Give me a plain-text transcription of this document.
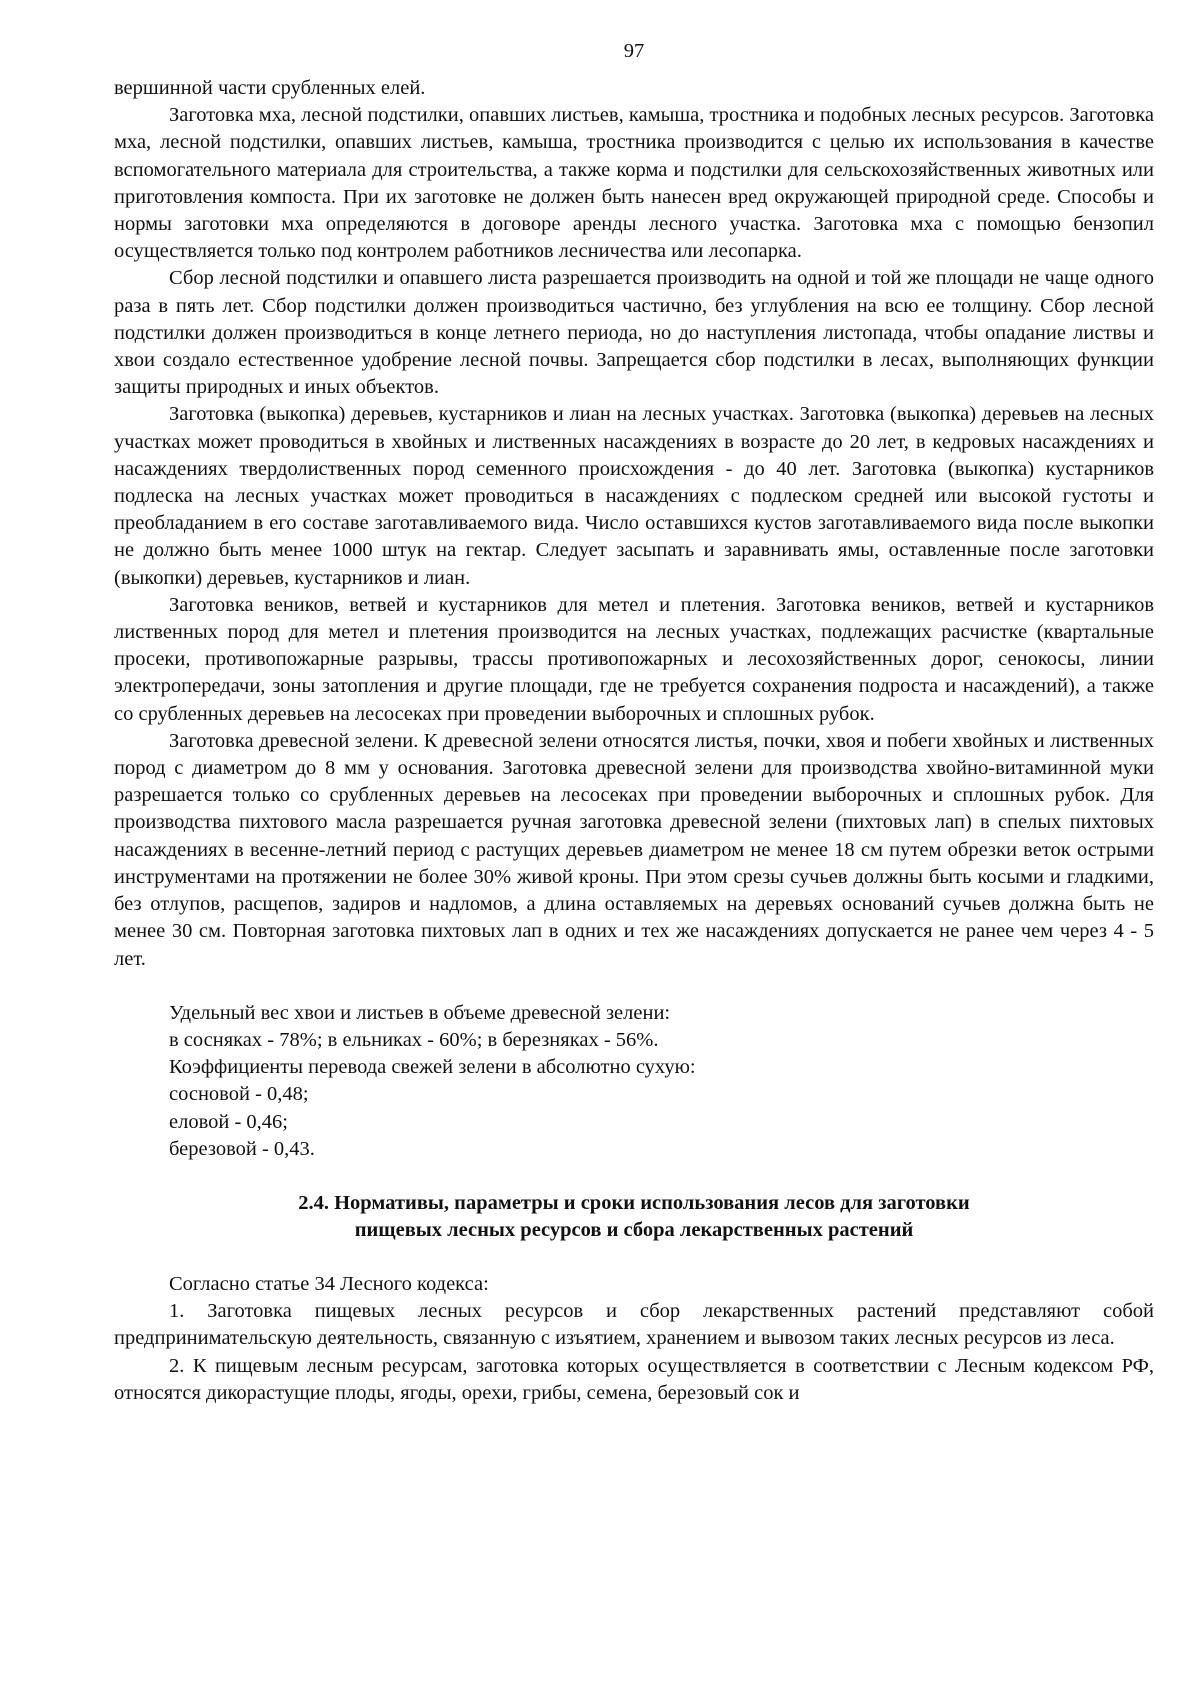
97

вершинной части срубленных елей.

Заготовка мха, лесной подстилки, опавших листьев, камыша, тростника и подобных лесных ресурсов. Заготовка мха, лесной подстилки, опавших листьев, камыша, тростника производится с целью их использования в качестве вспомогательного материала для строительства, а также корма и подстилки для сельскохозяйственных животных или приготовления компоста. При их заготовке не должен быть нанесен вред окружающей природной среде. Способы и нормы заготовки мха определяются в договоре аренды лесного участка. Заготовка мха с помощью бензопил осуществляется только под контролем работников лесничества или лесопарка.

Сбор лесной подстилки и опавшего листа разрешается производить на одной и той же площади не чаще одного раза в пять лет. Сбор подстилки должен производиться частично, без углубления на всю ее толщину. Сбор лесной подстилки должен производиться в конце летнего периода, но до наступления листопада, чтобы опадание листвы и хвои создало естественное удобрение лесной почвы. Запрещается сбор подстилки в лесах, выполняющих функции защиты природных и иных объектов.

Заготовка (выкопка) деревьев, кустарников и лиан на лесных участках. Заготовка (выкопка) деревьев на лесных участках может проводиться в хвойных и лиственных насаждениях в возрасте до 20 лет, в кедровых насаждениях и насаждениях твердолиственных пород семенного происхождения - до 40 лет. Заготовка (выкопка) кустарников подлеска на лесных участках может проводиться в насаждениях с подлеском средней или высокой густоты и преобладанием в его составе заготавливаемого вида. Число оставшихся кустов заготавливаемого вида после выкопки не должно быть менее 1000 штук на гектар. Следует засыпать и заравнивать ямы, оставленные после заготовки (выкопки) деревьев, кустарников и лиан.

Заготовка веников, ветвей и кустарников для метел и плетения. Заготовка веников, ветвей и кустарников лиственных пород для метел и плетения производится на лесных участках, подлежащих расчистке (квартальные просеки, противопожарные разрывы, трассы противопожарных и лесохозяйственных дорог, сенокосы, линии электропередачи, зоны затопления и другие площади, где не требуется сохранения подроста и насаждений), а также со срубленных деревьев на лесосеках при проведении выборочных и сплошных рубок.

Заготовка древесной зелени. К древесной зелени относятся листья, почки, хвоя и побеги хвойных и лиственных пород с диаметром до 8 мм у основания. Заготовка древесной зелени для производства хвойно-витаминной муки разрешается только со срубленных деревьев на лесосеках при проведении выборочных и сплошных рубок. Для производства пихтового масла разрешается ручная заготовка древесной зелени (пихтовых лап) в спелых пихтовых насаждениях в весенне-летний период с растущих деревьев диаметром не менее 18 см путем обрезки веток острыми инструментами на протяжении не более 30% живой кроны. При этом срезы сучьев должны быть косыми и гладкими, без отлупов, расщепов, задиров и надломов, а длина оставляемых на деревьях оснований сучьев должна быть не менее 30 см. Повторная заготовка пихтовых лап в одних и тех же насаждениях допускается не ранее чем через 4 - 5 лет.

Удельный вес хвои и листьев в объеме древесной зелени:

в сосняках - 78%; в ельниках - 60%; в березняках - 56%.

Коэффициенты перевода свежей зелени в абсолютно сухую:

сосновой - 0,48;

еловой - 0,46;

березовой - 0,43.

2.4. Нормативы, параметры и сроки использования лесов для заготовки

пищевых лесных ресурсов и сбора лекарственных растений

Согласно статье 34 Лесного кодекса:

1. Заготовка пищевых лесных ресурсов и сбор лекарственных растений представляют собой предпринимательскую деятельность, связанную с изъятием, хранением и вывозом таких лесных ресурсов из леса.

2. К пищевым лесным ресурсам, заготовка которых осуществляется в соответствии с Лесным кодексом РФ, относятся дикорастущие плоды, ягоды, орехи, грибы, семена, березовый сок и
